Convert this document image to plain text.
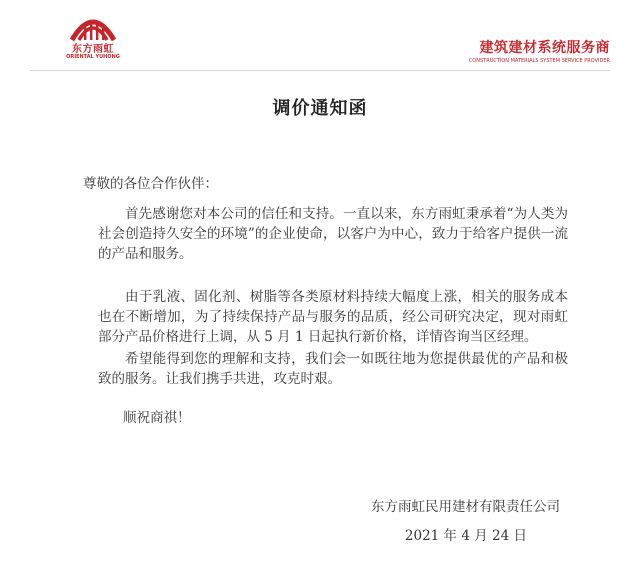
东方雨虹
ORIENTAL YUHONG
建筑建材系统服务商
CONSTRUCTION MATERIALS SYSTEM SERVICE PROVIDER
调价通知函
尊敬的各位合作伙伴：
首先感谢您对本公司的信任和支持。一直以来，东方雨虹秉承着“为人类为社会创造持久安全的环境”的企业使命，以客户为中心，致力于给客户提供一流的产品和服务。
由于乳液、固化剂、树脂等各类原材料持续大幅度上涨，相关的服务成本也在不断增加，为了持续保持产品与服务的品质，经公司研究决定，现对雨虹部分产品价格进行上调，从 5 月 1 日起执行新价格，详情咨询当区经理。
希望能得到您的理解和支持，我们会一如既往地为您提供最优的产品和极致的服务。让我们携手共进，攻克时艰。
顺祝商祺！
东方雨虹民用建材有限责任公司
2021 年 4 月 24 日
